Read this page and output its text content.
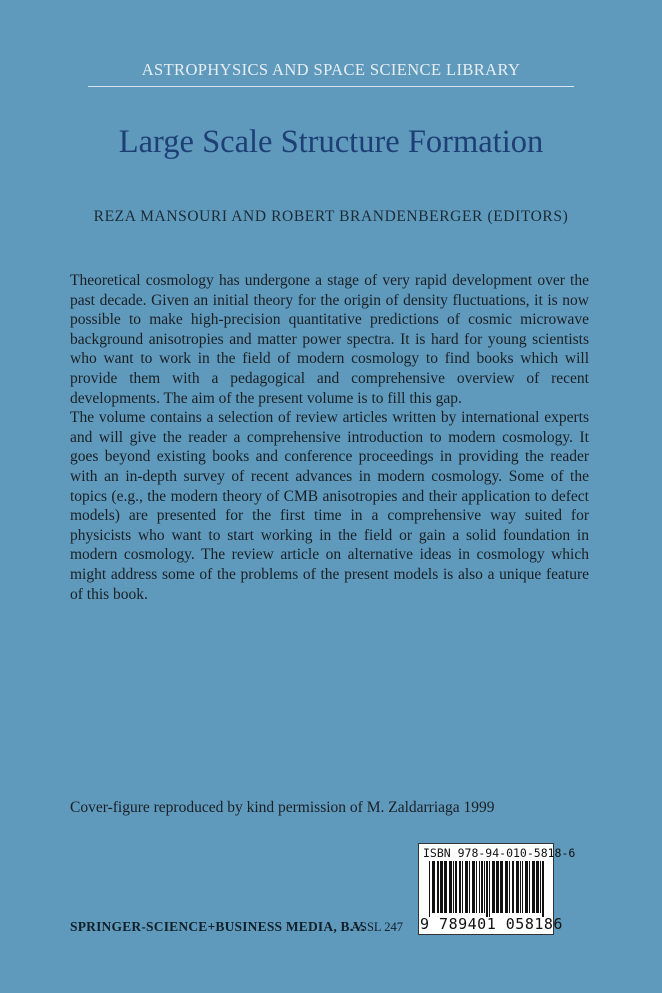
ASTROPHYSICS AND SPACE SCIENCE LIBRARY
Large Scale Structure Formation
REZA MANSOURI AND ROBERT BRANDENBERGER (EDITORS)

Theoretical cosmology has undergone a stage of very rapid development over the past decade. Given an initial theory for the origin of density fluctuations, it is now possible to make high-precision quantitative predictions of cosmic microwave background anisotropies and matter power spectra. It is hard for young scientists who want to work in the field of modern cosmology to find books which will provide them with a pedagogical and comprehensive overview of recent developments. The aim of the present volume is to fill this gap.

The volume contains a selection of review articles written by international experts and will give the reader a comprehensive introduction to modern cosmology. It goes beyond existing books and conference proceedings in providing the reader with an in-depth survey of recent advances in modern cosmology. Some of the topics (e.g., the modern theory of CMB anisotropies and their application to defect models) are presented for the first time in a comprehensive way suited for physicists who want to start working in the field or gain a solid foundation in modern cosmology. The review article on alternative ideas in cosmology which might address some of the problems of the present models is also a unique feature of this book.

Cover-figure reproduced by kind permission of M. Zaldarriaga 1999
ISBN 978-94-010-5818-6
9 789401 058186
SPRINGER-SCIENCE+BUSINESS MEDIA, B.V.
ASSL 247
